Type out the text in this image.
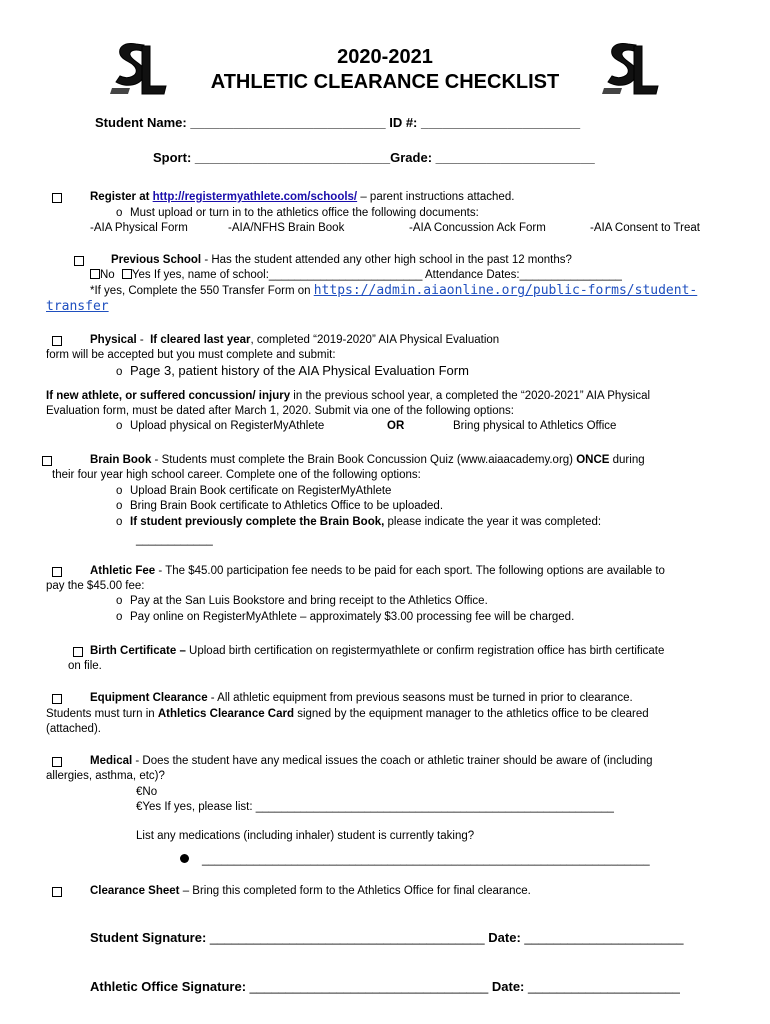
2020-2021
ATHLETIC CLEARANCE CHECKLIST
Student Name: ___________________________ ID #: ______________________
Sport: ___________________________Grade: ______________________
Register at http://registermyathlete.com/schools/ – parent instructions attached.
o Must upload or turn in to the athletics office the following documents:
-AIA Physical Form	-AIA/NFHS Brain Book	-AIA Concussion Ack Form	-AIA Consent to Treat
Previous School - Has the student attended any other high school in the past 12 months?
No Yes If yes, name of school:________________________ Attendance Dates:________________
*If yes, Complete the 550 Transfer Form on https://admin.aiaonline.org/public-forms/student-
transfer
Physical - If cleared last year, completed “2019-2020” AIA Physical Evaluation
form will be accepted but you must complete and submit:
o Page 3, patient history of the AIA Physical Evaluation Form
If new athlete, or suffered concussion/ injury in the previous school year, a completed the “2020-2021” AIA Physical
Evaluation form, must be dated after March 1, 2020. Submit via one of the following options:
o Upload physical on RegisterMyAthlete	OR	Bring physical to Athletics Office
Brain Book - Students must complete the Brain Book Concussion Quiz (www.aiaacademy.org) ONCE during
their four year high school career. Complete one of the following options:
o Upload Brain Book certificate on RegisterMyAthlete
o Bring Brain Book certificate to Athletics Office to be uploaded.
o If student previously complete the Brain Book, please indicate the year it was completed:
____________
Athletic Fee - The $45.00 participation fee needs to be paid for each sport. The following options are available to
pay the $45.00 fee:
o Pay at the San Luis Bookstore and bring receipt to the Athletics Office.
o Pay online on RegisterMyAthlete – approximately $3.00 processing fee will be charged.
Birth Certificate – Upload birth certification on registermyathlete or confirm registration office has birth certificate
on file.
Equipment Clearance - All athletic equipment from previous seasons must be turned in prior to clearance.
Students must turn in Athletics Clearance Card signed by the equipment manager to the athletics office to be cleared
(attached).
Medical - Does the student have any medical issues the coach or athletic trainer should be aware of (including
allergies, asthma, etc)?
€No
€Yes If yes, please list: ________________________________________________________
List any medications (including inhaler) student is currently taking?
______________________________________________________________________
Clearance Sheet – Bring this completed form to the Athletics Office for final clearance.
Student Signature: ______________________________________ Date: ______________________
Athletic Office Signature: _________________________________ Date: _____________________
